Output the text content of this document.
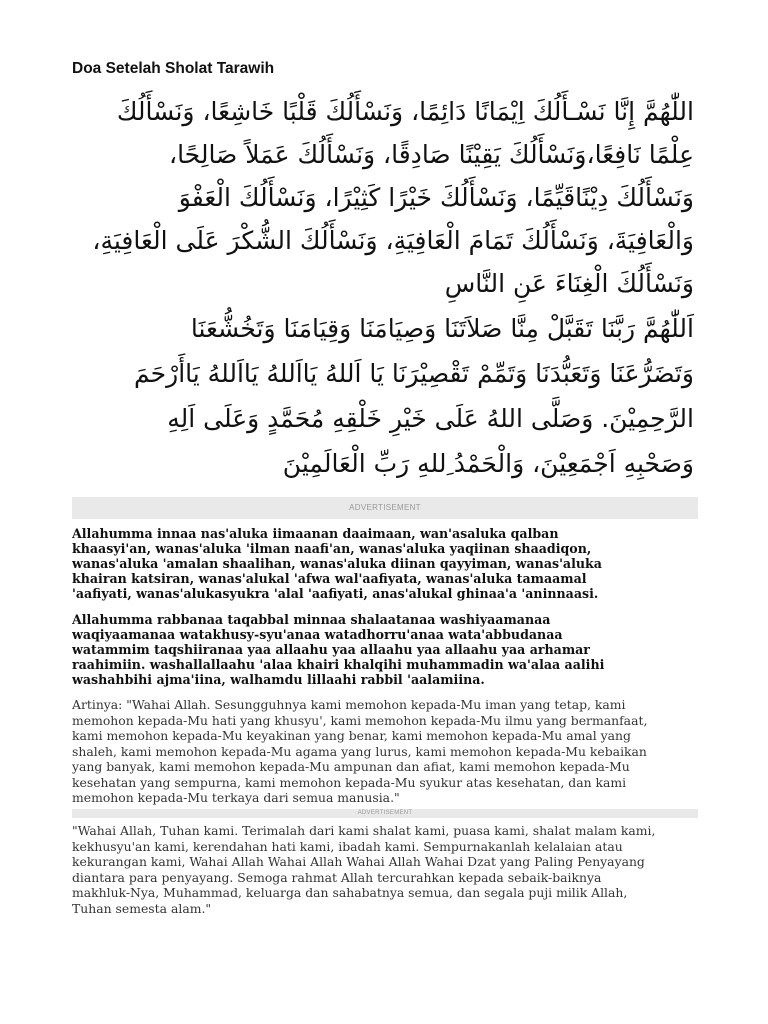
Doa Setelah Sholat Tarawih
اللّٰهُمَّ إِنَّا نَسْـأَلُكَ اِيْمَانًا دَائِمًا، وَنَسْأَلُكَ قَلْبًا خَاشِعًا، وَنَسْأَلُكَ
عِلْمًا نَافِعًا،وَنَسْأَلُكَ يَقِيْنًا صَادِقًا، وَنَسْأَلُكَ عَمَلاً صَالِحًا،
وَنَسْأَلُكَ دِيْنًاقَيِّمًا، وَنَسْأَلُكَ خَيْرًا كَثِيْرًا، وَنَسْأَلُكَ الْعَفْوَ
وَالْعَافِيَةَ، وَنَسْأَلُكَ تَمَامَ الْعَافِيَةِ، وَنَسْأَلُكَ الشُّكْرَ عَلَى الْعَافِيَةِ،
وَنَسْأَلُكَ الْغِنَاءَ عَنِ النَّاسِ
اَللّٰهُمَّ رَبَّنَا تَقَبَّلْ مِنَّا صَلاَتَنَا وَصِيَامَنَا وَقِيَامَنَا وَتَخُشُّعَنَا
وَتَضَرُّعَنَا وَتَعَبُّدَنَا وَتَمِّمْ تَقْصِيْرَنَا يَا اَللهُ يَااَللهُ يَااَللهُ يَاأَرْحَمَ
الرَّحِمِيْنَ. وَصَلَّى اللهُ عَلَى خَيْرِ خَلْقِهِ مُحَمَّدٍ وَعَلَى اَلِهِ
وَصَحْبِهِ اَجْمَعِيْنَ، وَالْحَمْدُ ِللهِ رَبِّ الْعَالَمِيْنَ
ADVERTISEMENT
Allahumma innaa nas'aluka iimaanan daaimaan, wan'asaluka qalban
khaasyi'an, wanas'aluka 'ilman naafi'an, wanas'aluka yaqiinan shaadiqon,
wanas'aluka 'amalan shaalihan, wanas'aluka diinan qayyiman, wanas'aluka
khairan katsiran, wanas'alukal 'afwa wal'aafiyata, wanas'aluka tamaamal
'aafiyati, wanas'alukasyukra 'alal 'aafiyati, anas'alukal ghinaa'a 'aninnaasi.
Allahumma rabbanaa taqabbal minnaa shalaatanaa washiyaamanaa
waqiyaamanaa watakhusy-syu'anaa watadhorru'anaa wata'abbudanaa
watammim taqshiiranaa yaa allaahu yaa allaahu yaa allaahu yaa arhamar
raahimiin. washallallaahu 'alaa khairi khalqihi muhammadin wa'alaa aalihi
washahbihi ajma'iina, walhamdu lillaahi rabbil 'aalamiina.
Artinya: "Wahai Allah. Sesungguhnya kami memohon kepada-Mu iman yang tetap, kami
memohon kepada-Mu hati yang khusyu', kami memohon kepada-Mu ilmu yang bermanfaat,
kami memohon kepada-Mu keyakinan yang benar, kami memohon kepada-Mu amal yang
shaleh, kami memohon kepada-Mu agama yang lurus, kami memohon kepada-Mu kebaikan
yang banyak, kami memohon kepada-Mu ampunan dan afiat, kami memohon kepada-Mu
kesehatan yang sempurna, kami memohon kepada-Mu syukur atas kesehatan, dan kami
memohon kepada-Mu terkaya dari semua manusia."
ADVERTISEMENT
"Wahai Allah, Tuhan kami. Terimalah dari kami shalat kami, puasa kami, shalat malam kami,
kekhusyu'an kami, kerendahan hati kami, ibadah kami. Sempurnakanlah kelalaian atau
kekurangan kami, Wahai Allah Wahai Allah Wahai Allah Wahai Dzat yang Paling Penyayang
diantara para penyayang. Semoga rahmat Allah tercurahkan kepada sebaik-baiknya
makhluk-Nya, Muhammad, keluarga dan sahabatnya semua, dan segala puji milik Allah,
Tuhan semesta alam."
